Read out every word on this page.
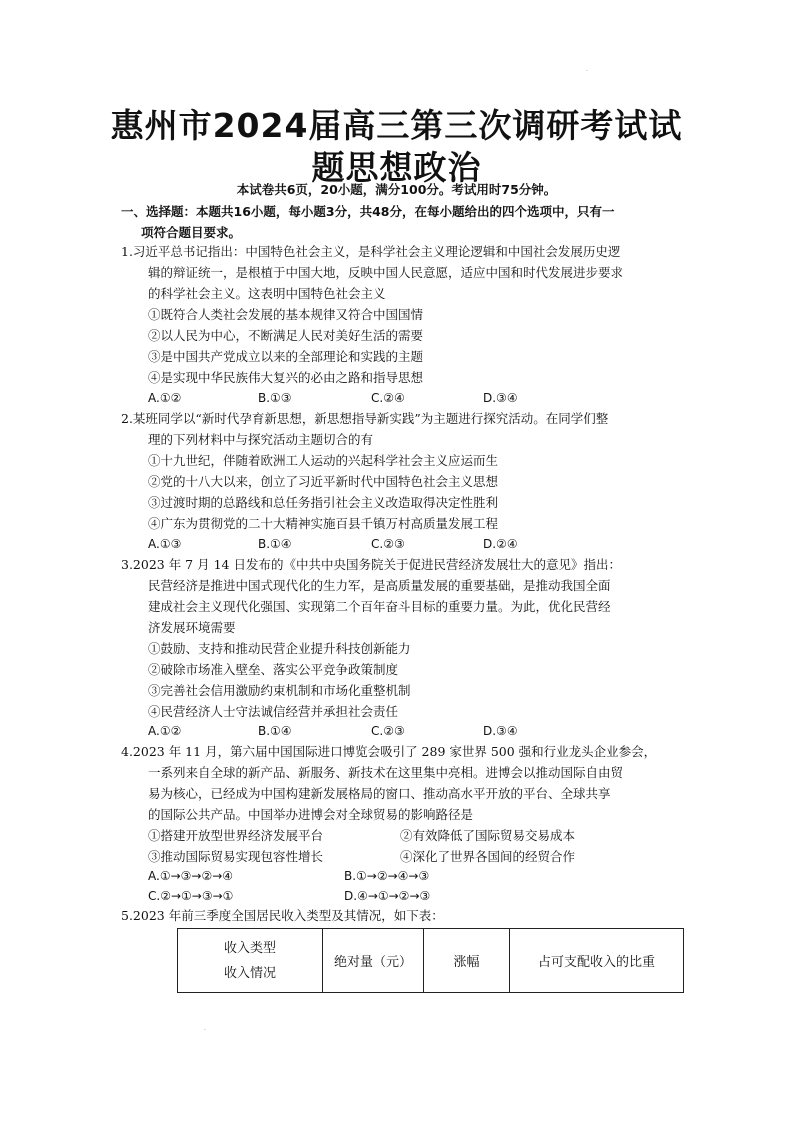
.
惠州市2024届高三第三次调研考试试
题思想政治
本试卷共6页，20小题，满分100分。考试用时75分钟。
一、选择题：本题共16小题，每小题3分，共48分，在每小题给出的四个选项中，只有一
项符合题目要求。
1.习近平总书记指出：中国特色社会主义，是科学社会主义理论逻辑和中国社会发展历史逻
辑的辩证统一，是根植于中国大地，反映中国人民意愿，适应中国和时代发展进步要求
的科学社会主义。这表明中国特色社会主义
①既符合人类社会发展的基本规律又符合中国国情
②以人民为中心，不断满足人民对美好生活的需要
③是中国共产党成立以来的全部理论和实践的主题
④是实现中华民族伟大复兴的必由之路和指导思想
A.①②	B.①③	C.②④	D.③④
2.某班同学以“新时代孕育新思想，新思想指导新实践”为主题进行探究活动。在同学们整
理的下列材料中与探究活动主题切合的有
①十九世纪，伴随着欧洲工人运动的兴起科学社会主义应运而生
②党的十八大以来，创立了习近平新时代中国特色社会主义思想
③过渡时期的总路线和总任务指引社会主义改造取得决定性胜利
④广东为贯彻党的二十大精神实施百县千镇万村高质量发展工程
A.①③	B.①④	C.②③	D.②④
3.2023 年 7 月 14 日发布的《中共中央国务院关于促进民营经济发展壮大的意见》指出：
民营经济是推进中国式现代化的生力军，是高质量发展的重要基础，是推动我国全面
建成社会主义现代化强国、实现第二个百年奋斗目标的重要力量。为此，优化民营经
济发展环境需要
①鼓励、支持和推动民营企业提升科技创新能力
②破除市场准入壁垒、落实公平竞争政策制度
③完善社会信用激励约束机制和市场化重整机制
④民营经济人士守法诚信经营并承担社会责任
A.①②	B.①④	C.②③	D.③④
4.2023 年 11 月，第六届中国国际进口博览会吸引了 289 家世界 500 强和行业龙头企业参会，
一系列来自全球的新产品、新服务、新技术在这里集中亮相。进博会以推动国际自由贸
易为核心，已经成为中国构建新发展格局的窗口、推动高水平开放的平台、全球共享
的国际公共产品。中国举办进博会对全球贸易的影响路径是
①搭建开放型世界经济发展平台	②有效降低了国际贸易交易成本
③推动国际贸易实现包容性增长	④深化了世界各国间的经贸合作
A.①→③→②→④	B.①→②→④→③
C.②→①→③→①	D.④→①→②→③
5.2023 年前三季度全国居民收入类型及其情况，如下表：
收入类型
收入情况
	绝对量（元）	涨幅	占可支配收入的比重
.
